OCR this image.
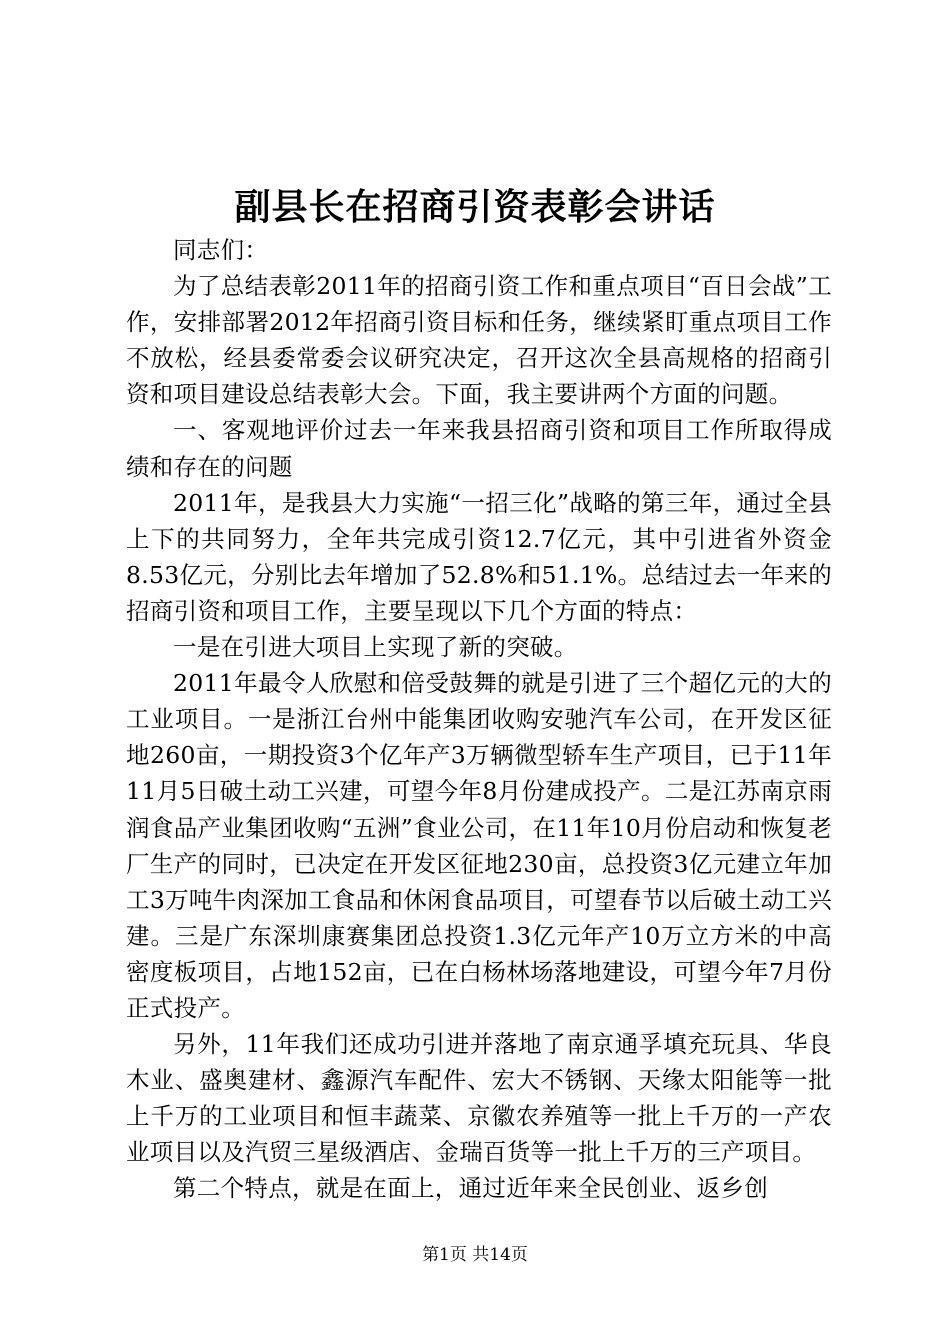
副县长在招商引资表彰会讲话

同志们：

为了总结表彰2011年的招商引资工作和重点项目“百日会战”工作，安排部署2012年招商引资目标和任务，继续紧盯重点项目工作不放松，经县委常委会议研究决定，召开这次全县高规格的招商引资和项目建设总结表彰大会。下面，我主要讲两个方面的问题。

一、客观地评价过去一年来我县招商引资和项目工作所取得成绩和存在的问题

2011年，是我县大力实施“一招三化”战略的第三年，通过全县上下的共同努力，全年共完成引资12.7亿元，其中引进省外资金8.53亿元，分别比去年增加了52.8%和51.1%。总结过去一年来的招商引资和项目工作，主要呈现以下几个方面的特点：

一是在引进大项目上实现了新的突破。

2011年最令人欣慰和倍受鼓舞的就是引进了三个超亿元的大的工业项目。一是浙江台州中能集团收购安驰汽车公司，在开发区征地260亩，一期投资3个亿年产3万辆微型轿车生产项目，已于11年11月5日破土动工兴建，可望今年8月份建成投产。二是江苏南京雨润食品产业集团收购“五洲”食业公司，在11年10月份启动和恢复老厂生产的同时，已决定在开发区征地230亩，总投资3亿元建立年加工3万吨牛肉深加工食品和休闲食品项目，可望春节以后破土动工兴建。三是广东深圳康赛集团总投资1.3亿元年产10万立方米的中高密度板项目，占地152亩，已在白杨林场落地建设，可望今年7月份正式投产。

另外，11年我们还成功引进并落地了南京通孚填充玩具、华良木业、盛奥建材、鑫源汽车配件、宏大不锈钢、天缘太阳能等一批上千万的工业项目和恒丰蔬菜、京徽农养殖等一批上千万的一产农业项目以及汽贸三星级酒店、金瑞百货等一批上千万的三产项目。

第二个特点，就是在面上，通过近年来全民创业、返乡创

第1页 共14页
